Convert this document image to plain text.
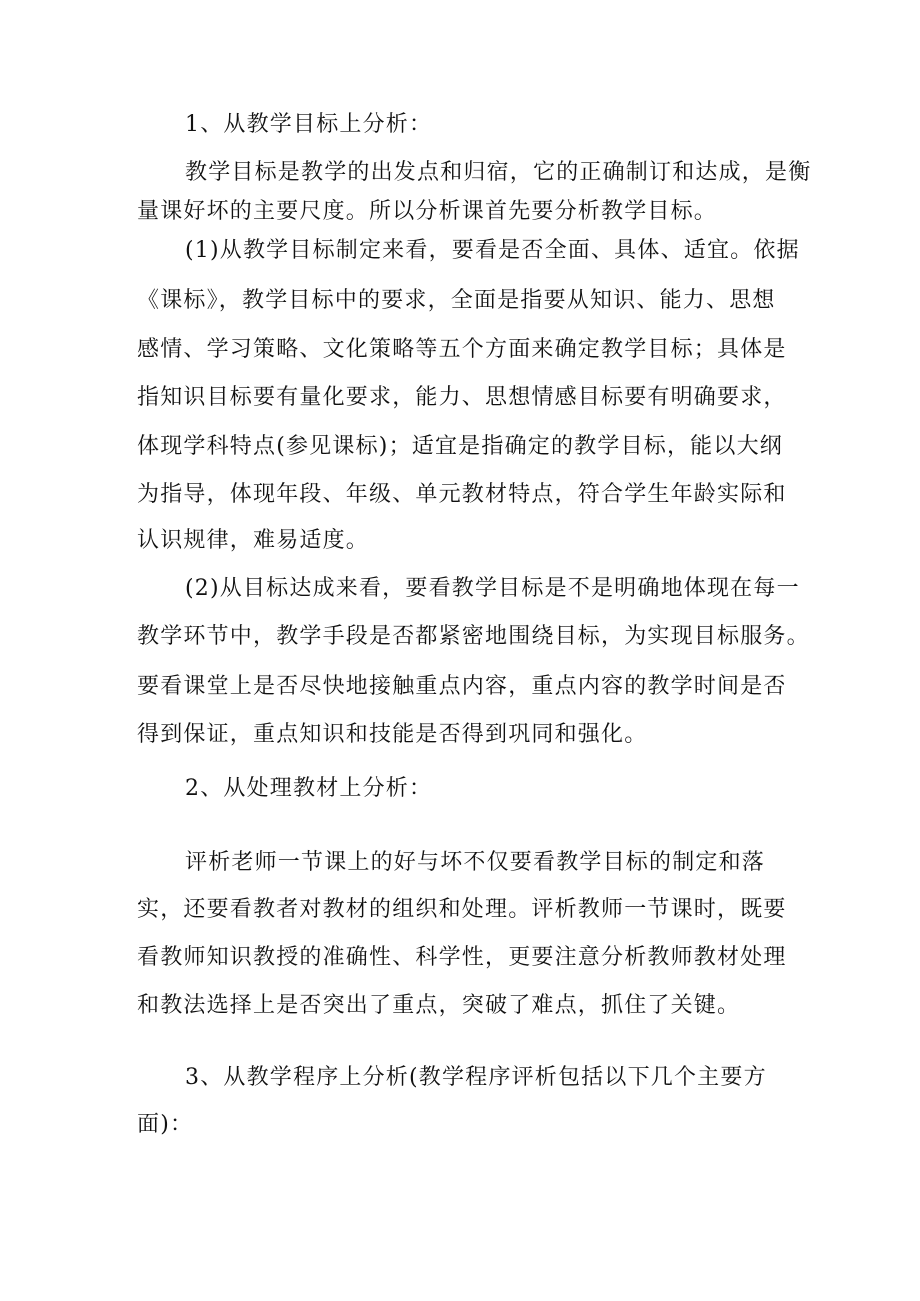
1、从教学目标上分析：
教学目标是教学的出发点和归宿，它的正确制订和达成，是衡
量课好坏的主要尺度。所以分析课首先要分析教学目标。
(1)从教学目标制定来看，要看是否全面、具体、适宜。依据
《课标》，教学目标中的要求，全面是指要从知识、能力、思想
感情、学习策略、文化策略等五个方面来确定教学目标；具体是
指知识目标要有量化要求，能力、思想情感目标要有明确要求，
体现学科特点(参见课标)；适宜是指确定的教学目标，能以大纲
为指导，体现年段、年级、单元教材特点，符合学生年龄实际和
认识规律，难易适度。
(2)从目标达成来看，要看教学目标是不是明确地体现在每一
教学环节中，教学手段是否都紧密地围绕目标，为实现目标服务。
要看课堂上是否尽快地接触重点内容，重点内容的教学时间是否
得到保证，重点知识和技能是否得到巩同和强化。
2、从处理教材上分析：
评析老师一节课上的好与坏不仅要看教学目标的制定和落
实，还要看教者对教材的组织和处理。评析教师一节课时，既要
看教师知识教授的准确性、科学性，更要注意分析教师教材处理
和教法选择上是否突出了重点，突破了难点，抓住了关键。
3、从教学程序上分析(教学程序评析包括以下几个主要方
面)：
